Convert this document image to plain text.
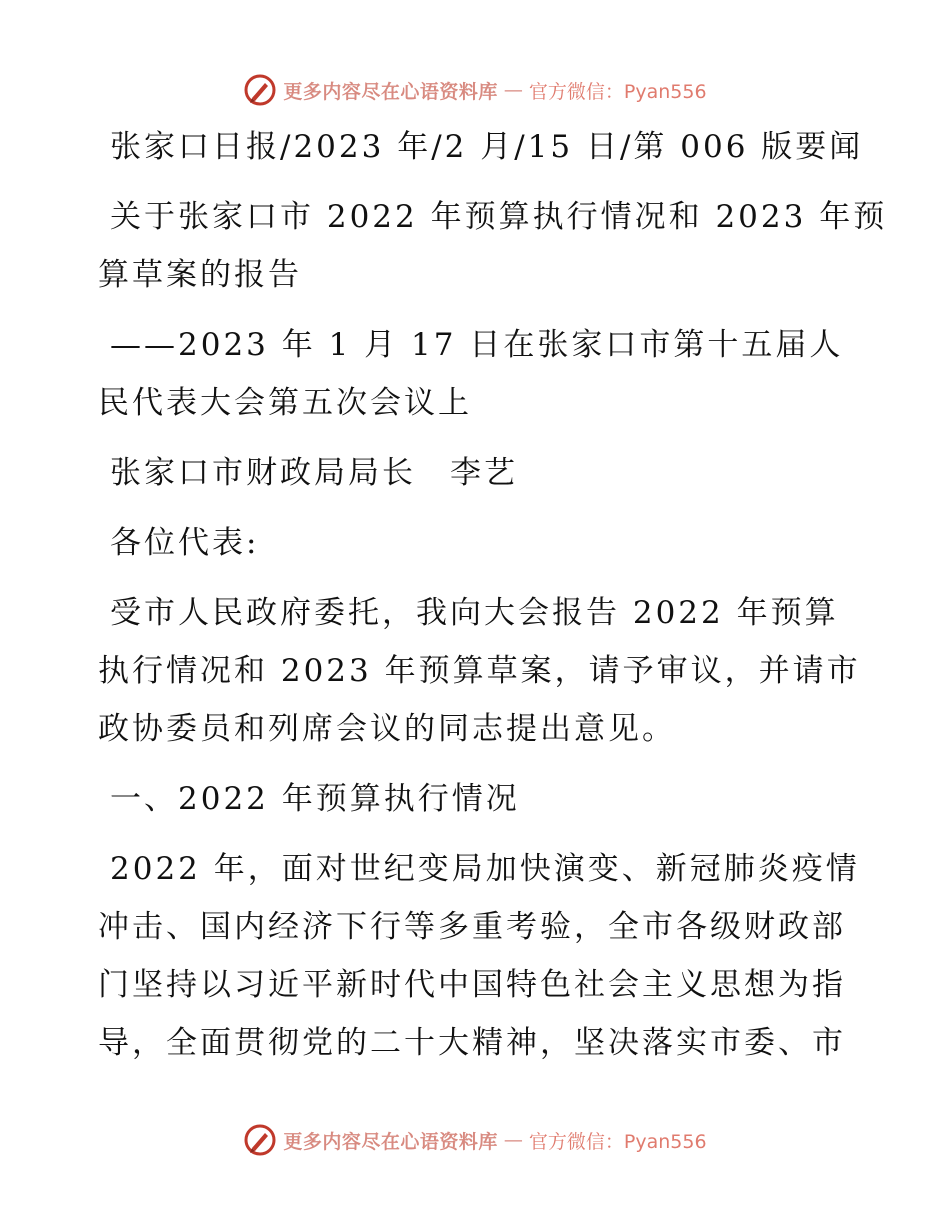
更多内容尽在心语资料库 — 官方微信：Pyan556

张家口日报/2023 年/2 月/15 日/第 006 版要闻

关于张家口市 2022 年预算执行情况和 2023 年预

算草案的报告

——2023 年 1 月 17 日在张家口市第十五届人

民代表大会第五次会议上

张家口市财政局局长　李艺

各位代表:

受市人民政府委托，我向大会报告 2022 年预算

执行情况和 2023 年预算草案，请予审议，并请市

政协委员和列席会议的同志提出意见。

一、2022 年预算执行情况

2022 年，面对世纪变局加快演变、新冠肺炎疫情

冲击、国内经济下行等多重考验，全市各级财政部

门坚持以习近平新时代中国特色社会主义思想为指

导，全面贯彻党的二十大精神，坚决落实市委、市

更多内容尽在心语资料库 — 官方微信：Pyan556
